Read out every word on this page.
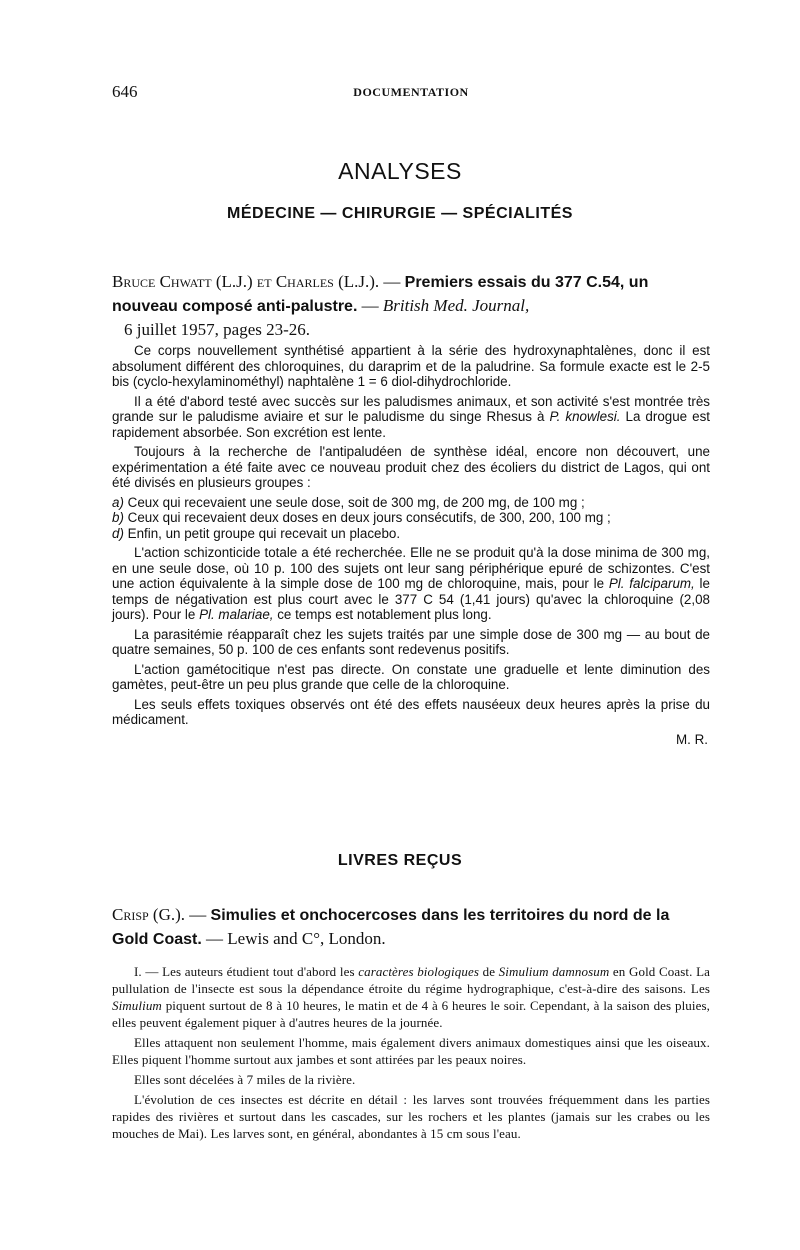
646	DOCUMENTATION
ANALYSES
MÉDECINE — CHIRURGIE — SPÉCIALITÉS
Bruce Chwatt (L.J.) et Charles (L.J.). — Premiers essais du 377 C.54, un nouveau composé anti-palustre. — British Med. Journal,
6 juillet 1957, pages 23-26.

Ce corps nouvellement synthétisé appartient à la série des hydroxynaphtalènes, donc il est absolument différent des chloroquines, du daraprim et de la paludrine. Sa formule exacte est le 2-5 bis (cyclo-hexylaminométhyl) naphtalène 1 = 6 diol-dihydrochloride.

Il a été d'abord testé avec succès sur les paludismes animaux, et son activité s'est montrée très grande sur le paludisme aviaire et sur le paludisme du singe Rhesus à P. knowlesi. La drogue est rapidement absorbée. Son excrétion est lente.

Toujours à la recherche de l'antipaludéen de synthèse idéal, encore non découvert, une expérimentation a été faite avec ce nouveau produit chez des écoliers du district de Lagos, qui ont été divisés en plusieurs groupes :

a) Ceux qui recevaient une seule dose, soit de 300 mg, de 200 mg, de 100 mg ;

b) Ceux qui recevaient deux doses en deux jours consécutifs, de 300, 200, 100 mg ;

d) Enfin, un petit groupe qui recevait un placebo.

L'action schizonticide totale a été recherchée. Elle ne se produit qu'à la dose minima de 300 mg, en une seule dose, où 10 p. 100 des sujets ont leur sang périphérique epuré de schizontes. C'est une action équivalente à la simple dose de 100 mg de chloroquine, mais, pour le Pl. falciparum, le temps de négativation est plus court avec le 377 C 54 (1,41 jours) qu'avec la chloroquine (2,08 jours). Pour le Pl. malariae, ce temps est notablement plus long.

La parasitémie réapparaît chez les sujets traités par une simple dose de 300 mg — au bout de quatre semaines, 50 p. 100 de ces enfants sont redevenus positifs.

L'action gamétocitique n'est pas directe. On constate une graduelle et lente diminution des gamètes, peut-être un peu plus grande que celle de la chloroquine.

Les seuls effets toxiques observés ont été des effets nauséeux deux heures après la prise du médicament.

M. R.
LIVRES REÇUS
Crisp (G.). — Simulies et onchocercoses dans les territoires du nord de la Gold Coast. — Lewis and C°, London.

I. — Les auteurs étudient tout d'abord les caractères biologiques de Simulium damnosum en Gold Coast. La pullulation de l'insecte est sous la dépendance étroite du régime hydrographique, c'est-à-dire des saisons. Les Simulium piquent surtout de 8 à 10 heures, le matin et de 4 à 6 heures le soir. Cependant, à la saison des pluies, elles peuvent également piquer à d'autres heures de la journée.

Elles attaquent non seulement l'homme, mais également divers animaux domestiques ainsi que les oiseaux. Elles piquent l'homme surtout aux jambes et sont attirées par les peaux noires.

Elles sont décelées à 7 miles de la rivière.

L'évolution de ces insectes est décrite en détail : les larves sont trouvées fréquemment dans les parties rapides des rivières et surtout dans les cascades, sur les rochers et les plantes (jamais sur les crabes ou les mouches de Mai). Les larves sont, en général, abondantes à 15 cm sous l'eau.
